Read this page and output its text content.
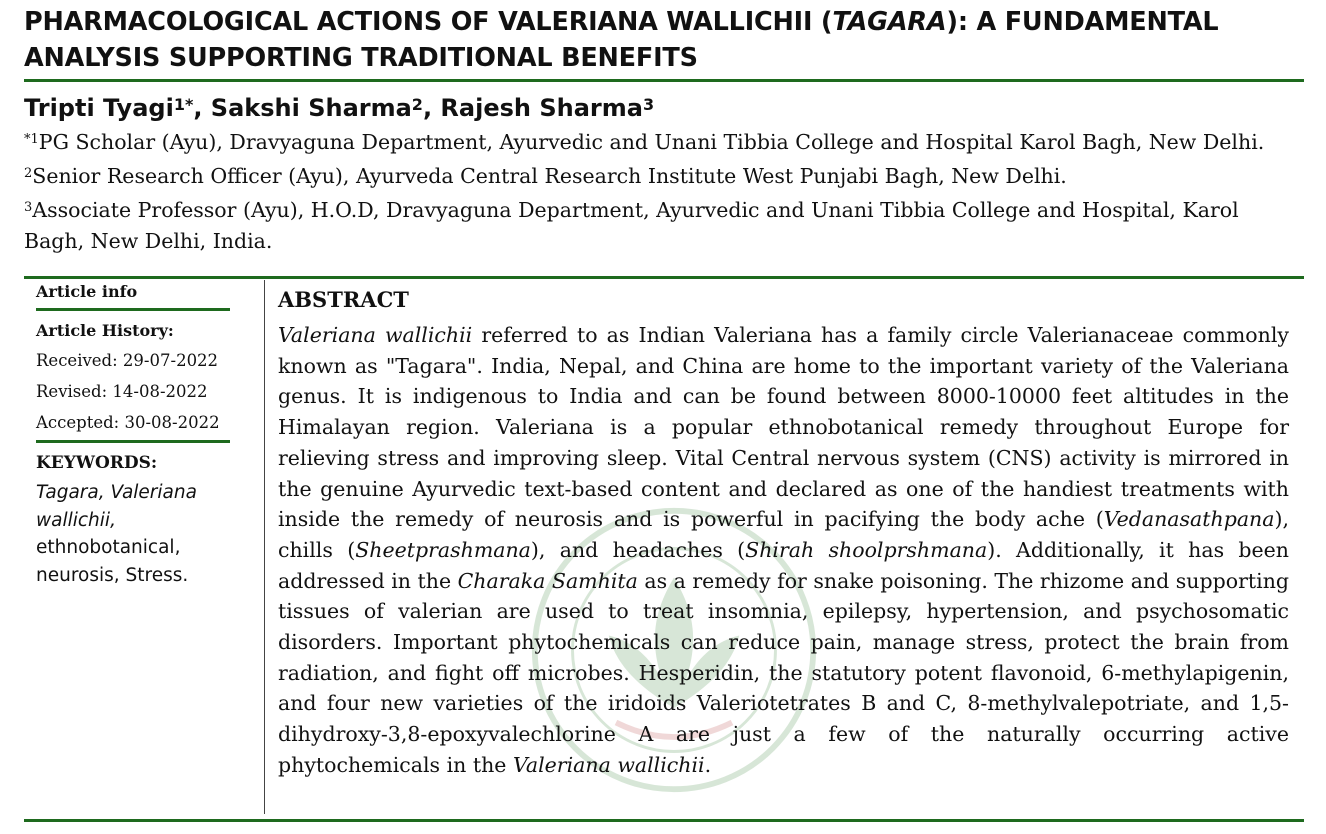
PHARMACOLOGICAL ACTIONS OF VALERIANA WALLICHII (TAGARA): A FUNDAMENTAL ANALYSIS SUPPORTING TRADITIONAL BENEFITS
Tripti Tyagi$^{1*}$, Sakshi Sharma$^2$, Rajesh Sharma$^3$

$^{*1}$PG Scholar (Ayu), Dravyaguna Department, Ayurvedic and Unani Tibbia College and Hospital Karol Bagh, New Delhi.

$^2$Senior Research Officer (Ayu), Ayurveda Central Research Institute West Punjabi Bagh, New Delhi.

$^3$Associate Professor (Ayu), H.O.D, Dravyaguna Department, Ayurvedic and Unani Tibbia College and Hospital, Karol Bagh, New Delhi, India.

Article info
Article History:
Received: 29-07-2022
Revised: 14-08-2022
Accepted: 30-08-2022
KEYWORDS:
Tagara, Valeriana wallichii, ethnobotanical, neurosis, Stress.
ABSTRACT

Valeriana wallichii referred to as Indian Valeriana has a family circle Valerianaceae commonly known as "Tagara". India, Nepal, and China are home to the important variety of the Valeriana genus. It is indigenous to India and can be found between 8000-10000 feet altitudes in the Himalayan region. Valeriana is a popular ethnobotanical remedy throughout Europe for relieving stress and improving sleep. Vital Central nervous system (CNS) activity is mirrored in the genuine Ayurvedic text-based content and declared as one of the handiest treatments with inside the remedy of neurosis and is powerful in pacifying the body ache (Vedanasathpana), chills (Sheetprashmana), and headaches (Shirah shoolprshmana). Additionally, it has been addressed in the Charaka Samhita as a remedy for snake poisoning. The rhizome and supporting tissues of valerian are used to treat insomnia, epilepsy, hypertension, and psychosomatic disorders. Important phytochemicals can reduce pain, manage stress, protect the brain from radiation, and fight off microbes. Hesperidin, the statutory potent flavonoid, 6-methylapigenin, and four new varieties of the iridoids Valeriotetrates B and C, 8-methylvalepotriate, and 1,5-dihydroxy-3,8-epoxyvalechlorine A are just a few of the naturally occurring active phytochemicals in the Valeriana wallichii.
